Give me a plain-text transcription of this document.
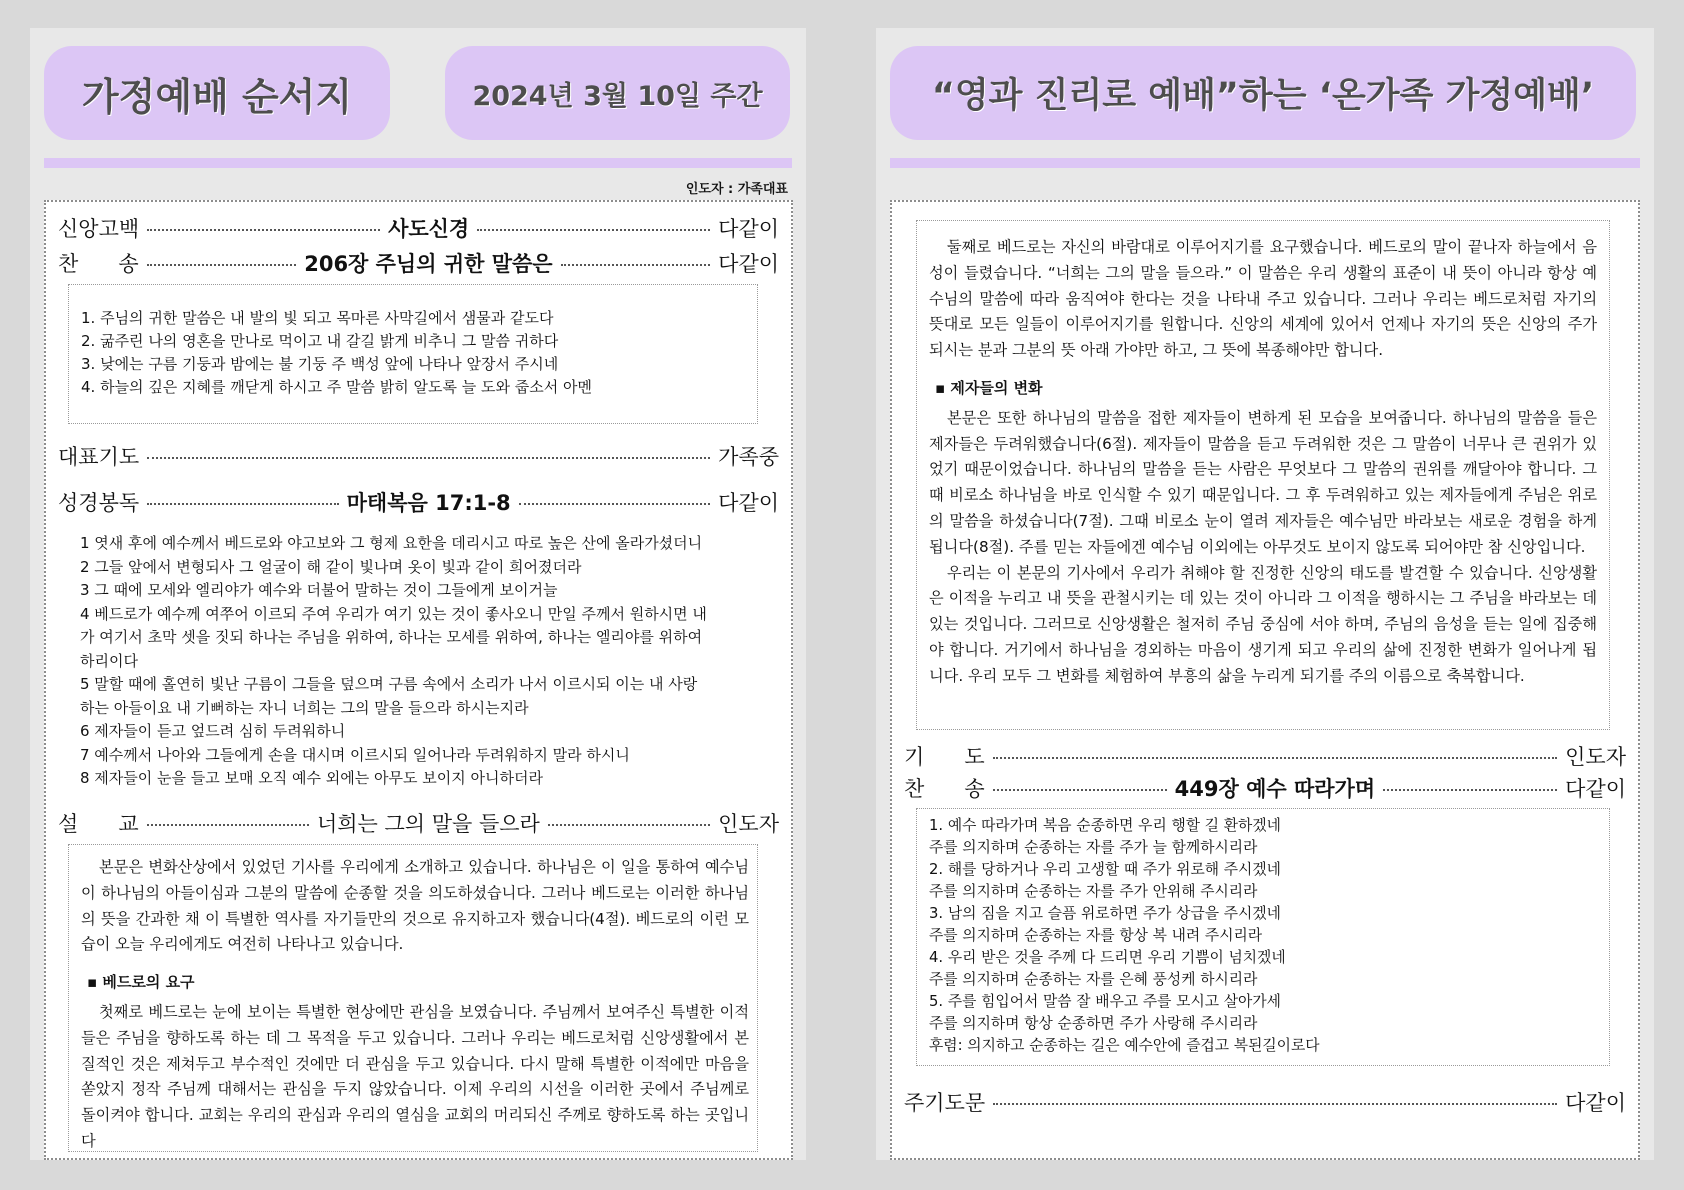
가정예배 순서지	2024년 3월 10일 주간
인도자 : 가족대표
신앙고백	사도신경	다같이
찬      송	206장 주님의 귀한 말씀은	다같이

1. 주님의 귀한 말씀은 내 발의 빛 되고 목마른 사막길에서 샘물과 같도다

2. 굶주린 나의 영혼을 만나로 먹이고 내 갈길 밝게 비추니 그 말씀 귀하다

3. 낮에는 구름 기둥과 밤에는 불 기둥 주 백성 앞에 나타나 앞장서 주시네

4. 하늘의 깊은 지혜를 깨닫게 하시고 주 말씀 밝히 알도록 늘 도와 줍소서 아멘

대표기도	가족중
성경봉독	마태복음 17:1-8	다같이

1 엿새 후에 예수께서 베드로와 야고보와 그 형제 요한을 데리시고 따로 높은 산에 올라가셨더니

2 그들 앞에서 변형되사 그 얼굴이 해 같이 빛나며 옷이 빛과 같이 희어졌더라

3 그 때에 모세와 엘리야가 예수와 더불어 말하는 것이 그들에게 보이거늘

4 베드로가 예수께 여쭈어 이르되 주여 우리가 여기 있는 것이 좋사오니 만일 주께서 원하시면 내

가 여기서 초막 셋을 짓되 하나는 주님을 위하여, 하나는 모세를 위하여, 하나는 엘리야를 위하여

하리이다

5 말할 때에 홀연히 빛난 구름이 그들을 덮으며 구름 속에서 소리가 나서 이르시되 이는 내 사랑

하는 아들이요 내 기뻐하는 자니 너희는 그의 말을 들으라 하시는지라

6 제자들이 듣고 엎드려 심히 두려워하니

7 예수께서 나아와 그들에게 손을 대시며 이르시되 일어나라 두려워하지 말라 하시니

8 제자들이 눈을 들고 보매 오직 예수 외에는 아무도 보이지 아니하더라

설      교	너희는 그의 말을 들으라	인도자

본문은 변화산상에서 있었던 기사를 우리에게 소개하고 있습니다. 하나님은 이 일을 통하여 예수님이 하나님의 아들이심과 그분의 말씀에 순종할 것을 의도하셨습니다. 그러나 베드로는 이러한 하나님의 뜻을 간과한 채 이 특별한 역사를 자기들만의 것으로 유지하고자 했습니다(4절). 베드로의 이런 모습이 오늘 우리에게도 여전히 나타나고 있습니다.

▪ 베드로의 요구

첫째로 베드로는 눈에 보이는 특별한 현상에만 관심을 보였습니다. 주님께서 보여주신 특별한 이적들은 주님을 향하도록 하는 데 그 목적을 두고 있습니다. 그러나 우리는 베드로처럼 신앙생활에서 본질적인 것은 제쳐두고 부수적인 것에만 더 관심을 두고 있습니다. 다시 말해 특별한 이적에만 마음을 쏟았지 정작 주님께 대해서는 관심을 두지 않았습니다. 이제 우리의 시선을 이러한 곳에서 주님께로 돌이켜야 합니다. 교회는 우리의 관심과 우리의 열심을 교회의 머리되신 주께로 향하도록 하는 곳입니다

“영과 진리로 예배”하는 ‘온가족 가정예배’

둘째로 베드로는 자신의 바람대로 이루어지기를 요구했습니다. 베드로의 말이 끝나자 하늘에서 음성이 들렸습니다. “너희는 그의 말을 들으라.” 이 말씀은 우리 생활의 표준이 내 뜻이 아니라 항상 예수님의 말씀에 따라 움직여야 한다는 것을 나타내 주고 있습니다. 그러나 우리는 베드로처럼 자기의 뜻대로 모든 일들이 이루어지기를 원합니다. 신앙의 세계에 있어서 언제나 자기의 뜻은 신앙의 주가 되시는 분과 그분의 뜻 아래 가야만 하고, 그 뜻에 복종해야만 합니다.

▪ 제자들의 변화

본문은 또한 하나님의 말씀을 접한 제자들이 변하게 된 모습을 보여줍니다. 하나님의 말씀을 들은 제자들은 두려워했습니다(6절). 제자들이 말씀을 듣고 두려워한 것은 그 말씀이 너무나 큰 권위가 있었기 때문이었습니다. 하나님의 말씀을 듣는 사람은 무엇보다 그 말씀의 권위를 깨달아야 합니다. 그때 비로소 하나님을 바로 인식할 수 있기 때문입니다. 그 후 두려워하고 있는 제자들에게 주님은 위로의 말씀을 하셨습니다(7절). 그때 비로소 눈이 열려 제자들은 예수님만 바라보는 새로운 경험을 하게 됩니다(8절). 주를 믿는 자들에겐 예수님 이외에는 아무것도 보이지 않도록 되어야만 참 신앙입니다.

우리는 이 본문의 기사에서 우리가 취해야 할 진정한 신앙의 태도를 발견할 수 있습니다. 신앙생활은 이적을 누리고 내 뜻을 관철시키는 데 있는 것이 아니라 그 이적을 행하시는 그 주님을 바라보는 데 있는 것입니다. 그러므로 신앙생활은 철저히 주님 중심에 서야 하며, 주님의 음성을 듣는 일에 집중해야 합니다. 거기에서 하나님을 경외하는 마음이 생기게 되고 우리의 삶에 진정한 변화가 일어나게 됩니다. 우리 모두 그 변화를 체험하여 부흥의 삶을 누리게 되기를 주의 이름으로 축복합니다.

기      도	인도자
찬      송	449장 예수 따라가며	다같이

1. 예수 따라가며 복음 순종하면 우리 행할 길 환하겠네

주를 의지하며 순종하는 자를 주가 늘 함께하시리라

2. 해를 당하거나 우리 고생할 때 주가 위로해 주시겠네

주를 의지하며 순종하는 자를 주가 안위해 주시리라

3. 남의 짐을 지고 슬픔 위로하면 주가 상급을 주시겠네

주를 의지하며 순종하는 자를 항상 복 내려 주시리라

4. 우리 받은 것을 주께 다 드리면 우리 기쁨이 넘치겠네

주를 의지하며 순종하는 자를 은혜 풍성케 하시리라

5. 주를 힘입어서 말씀 잘 배우고 주를 모시고 살아가세

주를 의지하며 항상 순종하면 주가 사랑해 주시리라

후렴: 의지하고 순종하는 길은 예수안에 즐겁고 복된길이로다

주기도문	다같이
